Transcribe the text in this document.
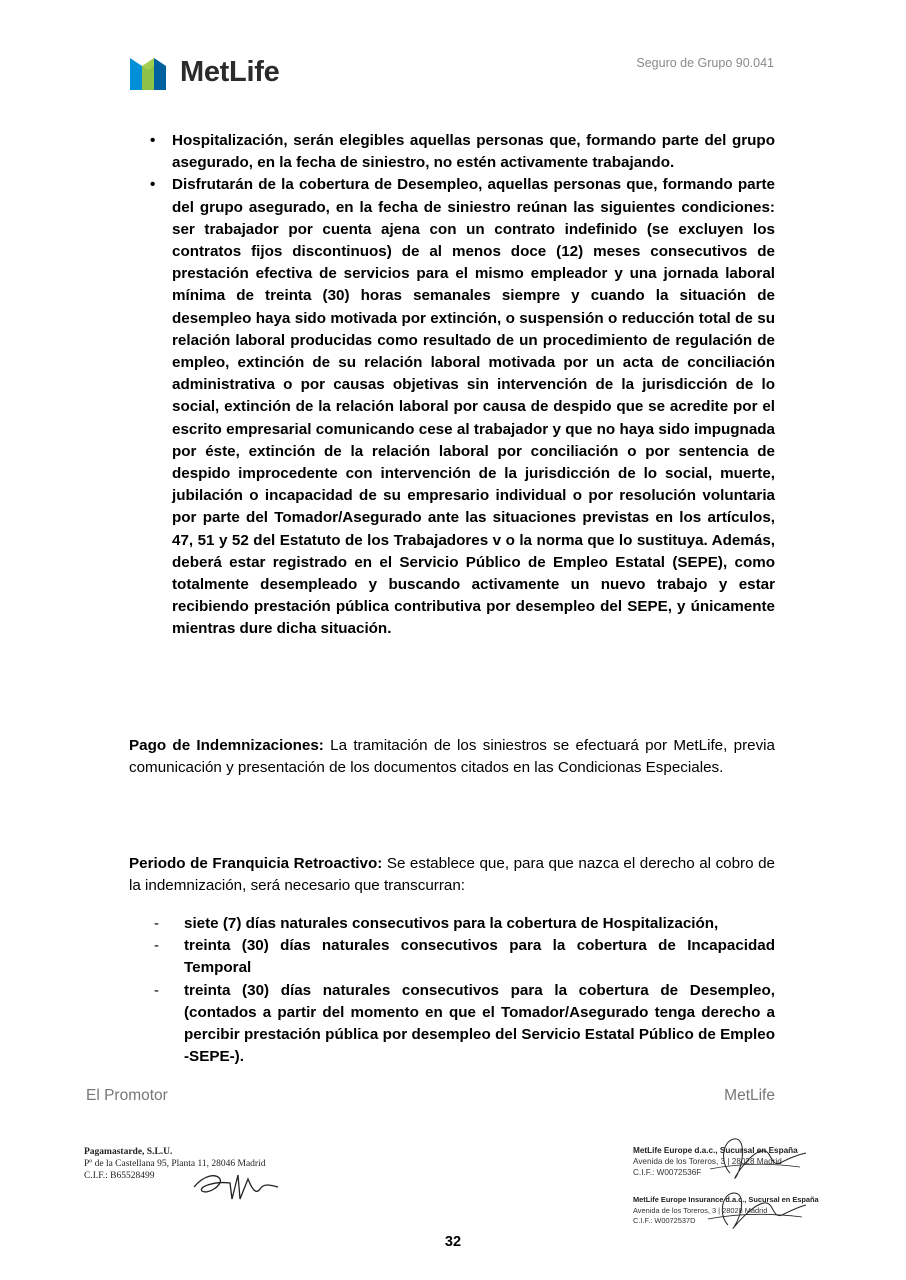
MetLife	Seguro de Grupo 90.041
• Hospitalización, serán elegibles aquellas personas que, formando parte del grupo asegurado, en la fecha de siniestro, no estén activamente trabajando.
• Disfrutarán de la cobertura de Desempleo, aquellas personas que, formando parte del grupo asegurado, en la fecha de siniestro reúnan las siguientes condiciones: ser trabajador por cuenta ajena con un contrato indefinido (se excluyen los contratos fijos discontinuos) de al menos doce (12) meses consecutivos de prestación efectiva de servicios para el mismo empleador y una jornada laboral mínima de treinta (30) horas semanales siempre y cuando la situación de desempleo haya sido motivada por extinción, o suspensión o reducción total de su relación laboral producidas como resultado de un procedimiento de regulación de empleo, extinción de su relación laboral motivada por un acta de conciliación administrativa o por causas objetivas sin intervención de la jurisdicción de lo social, extinción de la relación laboral por causa de despido que se acredite por el escrito empresarial comunicando cese al trabajador y que no haya sido impugnada por éste, extinción de la relación laboral por conciliación o por sentencia de despido improcedente con intervención de la jurisdicción de lo social, muerte, jubilación o incapacidad de su empresario individual o por resolución voluntaria por parte del Tomador/Asegurado ante las situaciones previstas en los artículos, 47, 51 y 52 del Estatuto de los Trabajadores v o la norma que lo sustituya. Además, deberá estar registrado en el Servicio Público de Empleo Estatal (SEPE), como totalmente desempleado y buscando activamente un nuevo trabajo y estar recibiendo prestación pública contributiva por desempleo del SEPE, y únicamente mientras dure dicha situación.
Pago de Indemnizaciones: La tramitación de los siniestros se efectuará por MetLife, previa comunicación y presentación de los documentos citados en las Condicionas Especiales.
Periodo de Franquicia Retroactivo: Se establece que, para que nazca el derecho al cobro de la indemnización, será necesario que transcurran:
- siete (7) días naturales consecutivos para la cobertura de Hospitalización,
- treinta (30) días naturales consecutivos para la cobertura de Incapacidad Temporal
- treinta (30) días naturales consecutivos para la cobertura de Desempleo, (contados a partir del momento en que el Tomador/Asegurado tenga derecho a percibir prestación pública por desempleo del Servicio Estatal Público de Empleo -SEPE-).
El Promotor	MetLife
Pagamastarde, S.L.U.
Pº de la Castellana 95, Planta 11, 28046 Madrid
C.I.F.: B65528499
MetLife Europe d.a.c., Sucursal en España
Avenida de los Toreros, 3 | 28028 Madrid
C.I.F.: W0072536F
MetLife Europe Insurance d.a.c., Sucursal en España
Avenida de los Toreros, 3 | 28028 Madrid
C.I.F.: W0072537D
32
